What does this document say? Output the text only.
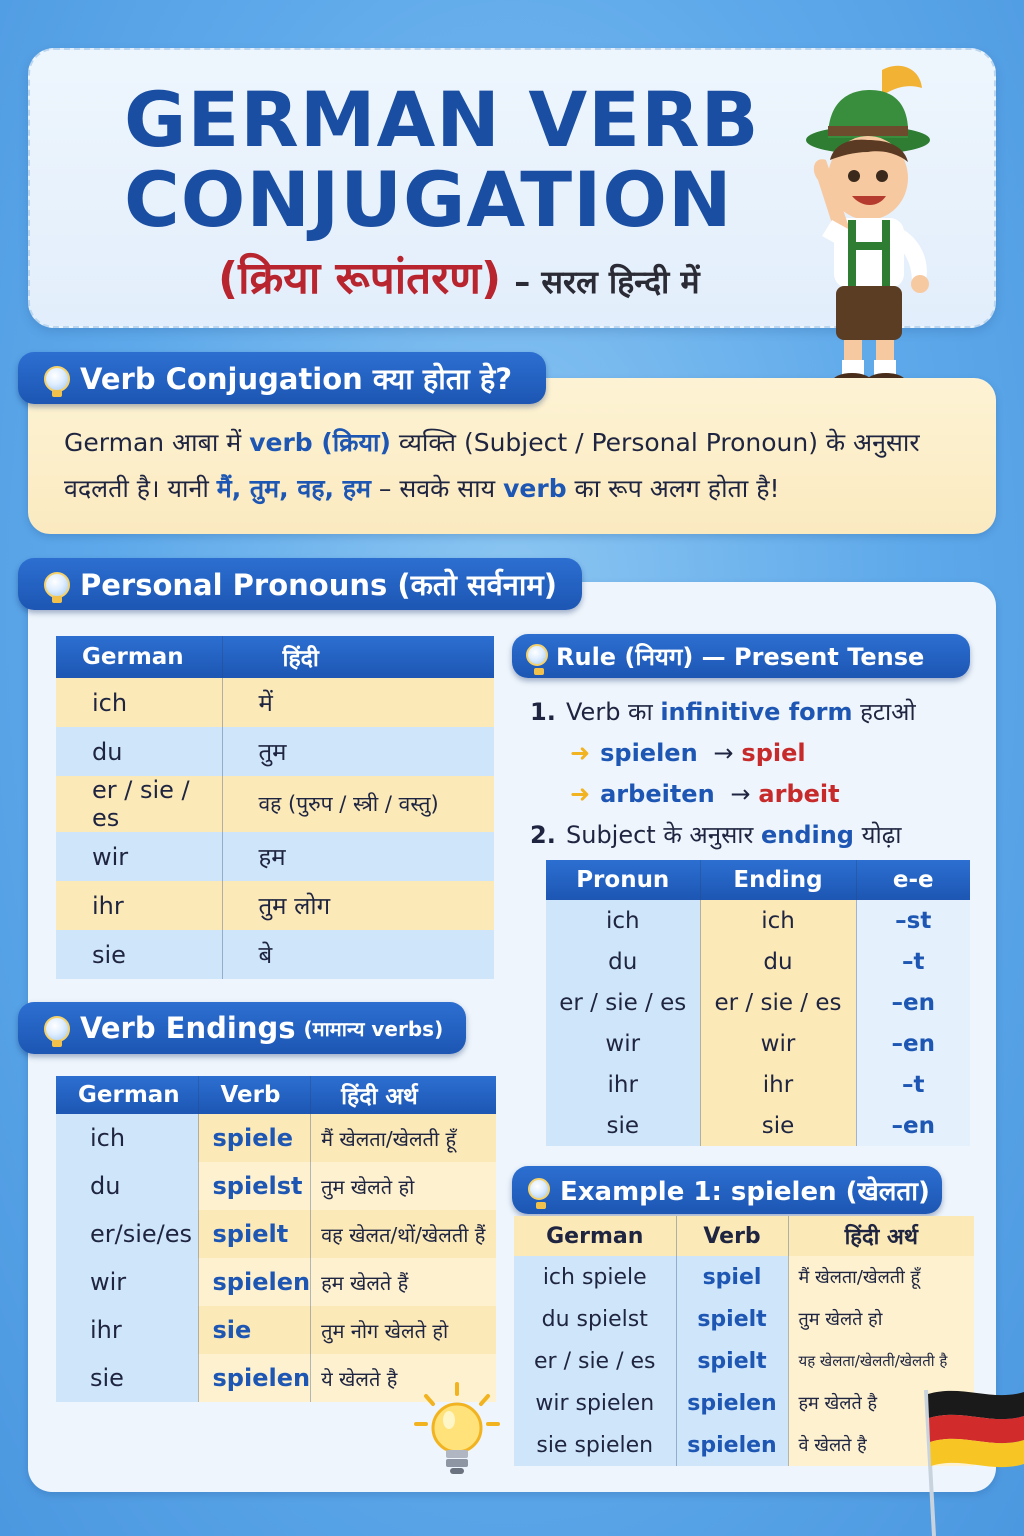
GERMAN VERB CONJUGATION
(क्रिया रूपांतरण) – सरल हिन्दी में
Verb Conjugation क्या होता हे?
German आबा में verb (क्रिया) व्यक्ति (Subject / Personal Pronoun) के अनुसार
वदलती है। यानी मैं, तुम, वह, हम – सवके साय verb का रूप अलग होता है!
Personal Pronouns (कतो सर्वनाम)
German	हिंदी
ich	में
du	तुम
er / sie / es	वह (पुरुप / स्त्री / वस्तु)
wir	हम
ihr	तुम लोग
sie	बे
Verb Endings (मामान्य verbs)
German	Verb	हिंदी अर्थ
ich	spiele	मैं खेलता/खेलती हूँ
du	spielst	तुम खेलते हो
er/sie/es	spielt	वह खेलत/थों/खेलती हैं
wir	spielen	हम खेलते हैं
ihr	sie	तुम नोग खेलते हो
sie	spielen	ये खेलते है
Rule (नियग) — Present Tense
1. Verb का infinitive form हटाओ
➜ spielen → spiel
➜ arbeiten → arbeit
2. Subject के अनुसार ending योढ़ा
Pronun	Ending	e-e
ich	ich	–st
du	du	–t
er / sie / es	er / sie / es	–en
wir	wir	–en
ihr	ihr	–t
sie	sie	–en
Example 1: spielen (खेलता)
German	Verb	हिंदी अर्थ
ich spiele	spiel	मैं खेलता/खेलती हूँ
du spielst	spielt	तुम खेलते हो
er / sie / es	spielt	यह खेलता/खेलती/खेलती है
wir spielen	spielen	हम खेलते है
sie spielen	spielen	वे खेलते है
